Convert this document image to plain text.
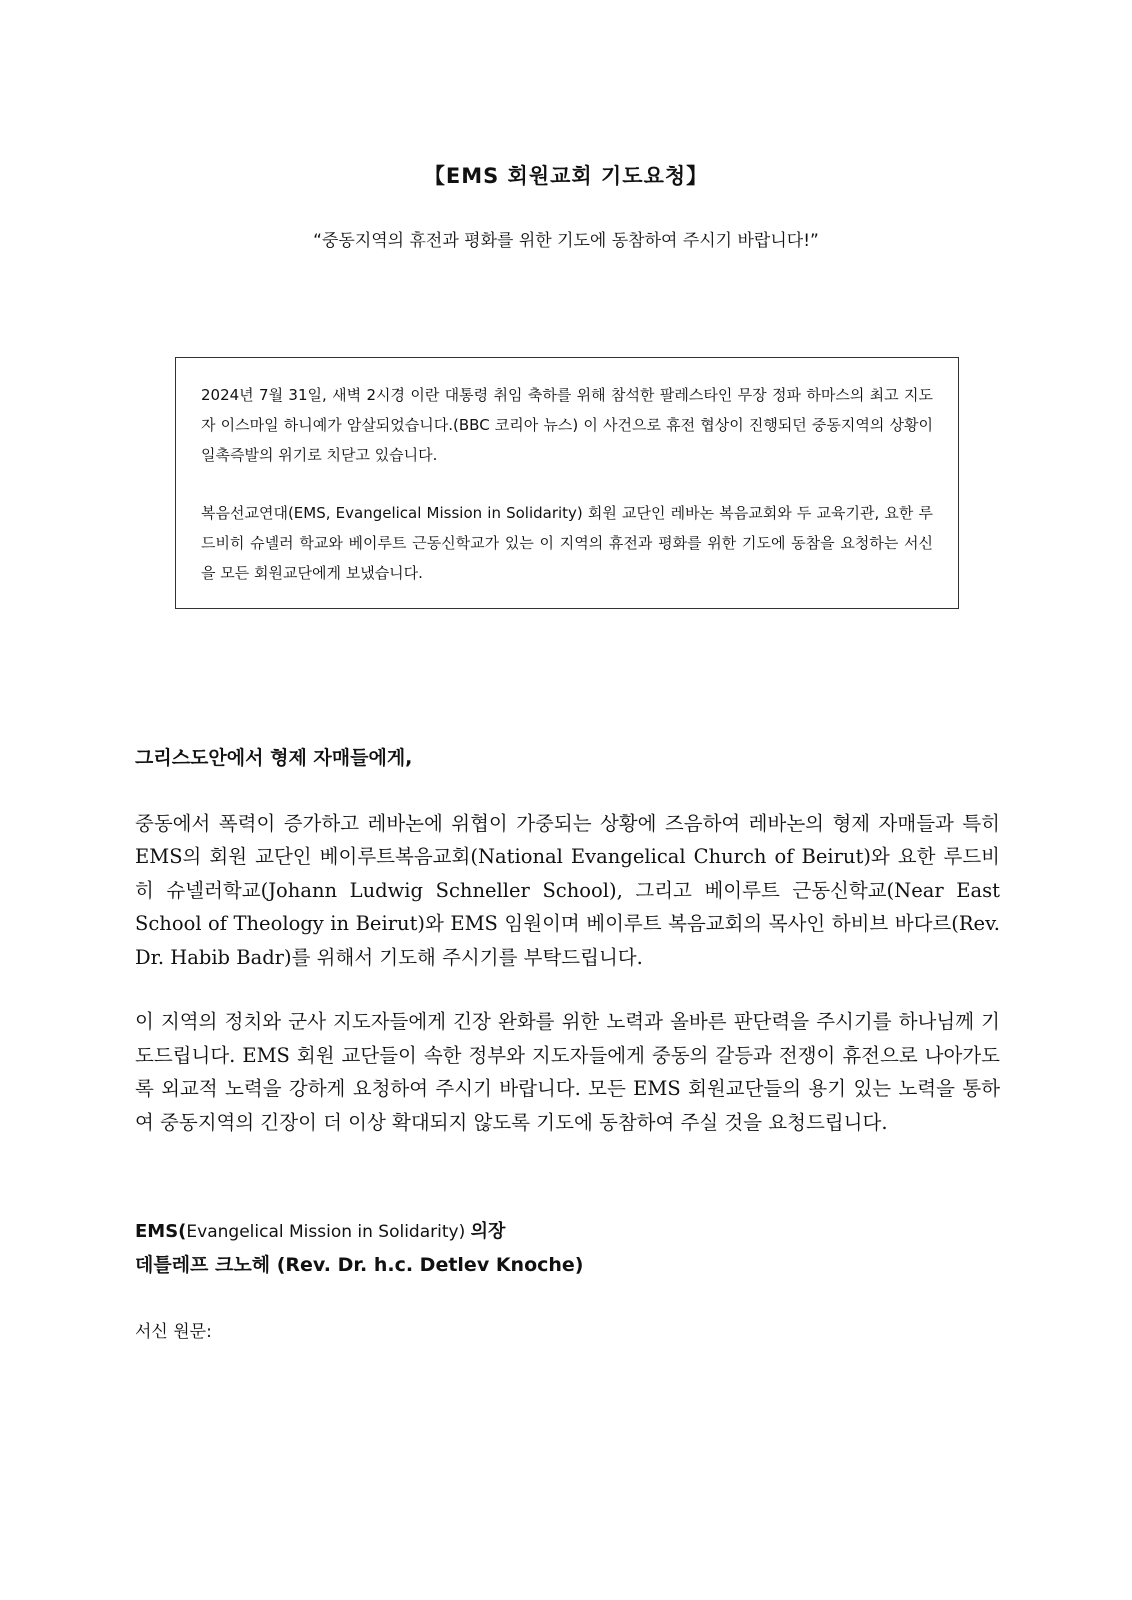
【EMS 회원교회 기도요청】
“중동지역의 휴전과 평화를 위한 기도에 동참하여 주시기 바랍니다!”

2024년 7월 31일, 새벽 2시경 이란 대통령 취임 축하를 위해 참석한 팔레스타인 무장 정파 하마스의 최고 지도자 이스마일 하니예가 암살되었습니다.(BBC 코리아 뉴스) 이 사건으로 휴전 협상이 진행되던 중동지역의 상황이 일촉즉발의 위기로 치닫고 있습니다.

복음선교연대(EMS, Evangelical Mission in Solidarity) 회원 교단인 레바논 복음교회와 두 교육기관, 요한 루드비히 슈넬러 학교와 베이루트 근동신학교가 있는 이 지역의 휴전과 평화를 위한 기도에 동참을 요청하는 서신을 모든 회원교단에게 보냈습니다.

그리스도안에서 형제 자매들에게,

중동에서 폭력이 증가하고 레바논에 위협이 가중되는 상황에 즈음하여 레바논의 형제 자매들과 특히 EMS의 회원 교단인 베이루트복음교회(National Evangelical Church of Beirut)와 요한 루드비히 슈넬러학교(Johann Ludwig Schneller School), 그리고 베이루트 근동신학교(Near East School of Theology in Beirut)와 EMS 임원이며 베이루트 복음교회의 목사인 하비브 바다르(Rev. Dr. Habib Badr)를 위해서 기도해 주시기를 부탁드립니다.

이 지역의 정치와 군사 지도자들에게 긴장 완화를 위한 노력과 올바른 판단력을 주시기를 하나님께 기도드립니다. EMS 회원 교단들이 속한 정부와 지도자들에게 중동의 갈등과 전쟁이 휴전으로 나아가도록 외교적 노력을 강하게 요청하여 주시기 바랍니다. 모든 EMS 회원교단들의 용기 있는 노력을 통하여 중동지역의 긴장이 더 이상 확대되지 않도록 기도에 동참하여 주실 것을 요청드립니다.

EMS(Evangelical Mission in Solidarity) 의장
데틀레프 크노헤 (Rev. Dr. h.c. Detlev Knoche)
서신 원문:
